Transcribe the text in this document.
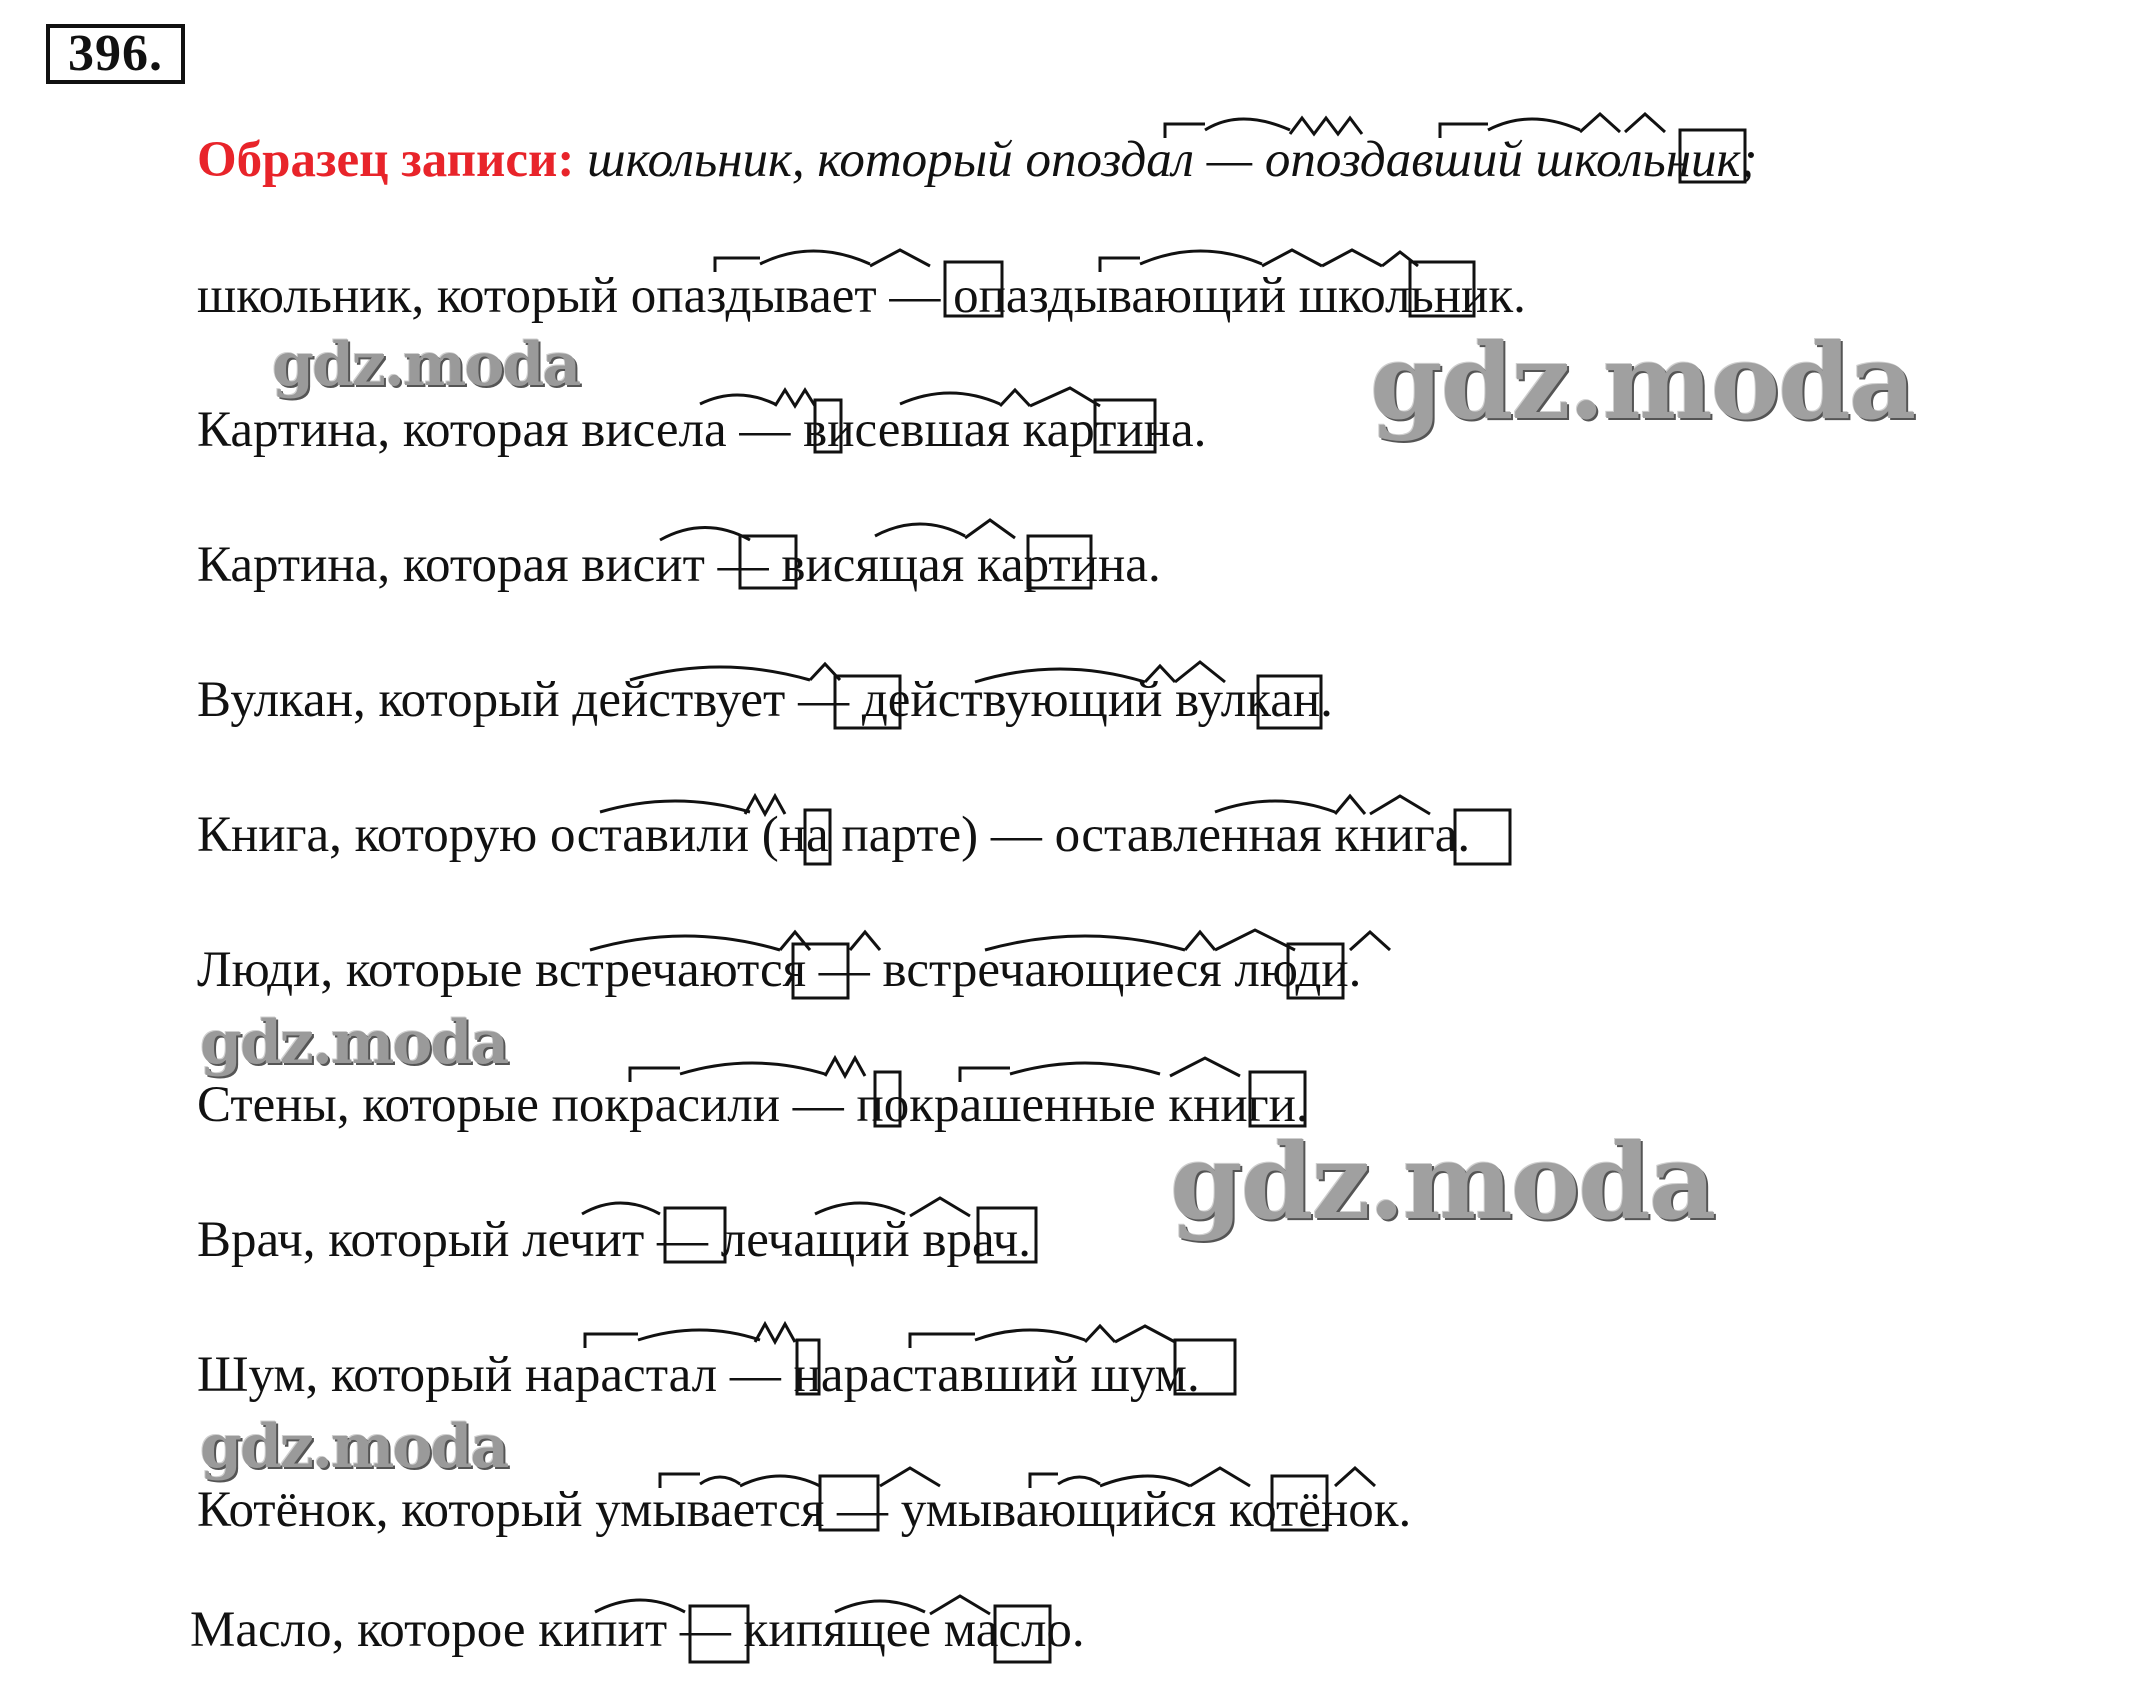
396.
Образец записи: школьник, который опоздал — опоздавший школьник;
школьник, который опаздывает — опаздывающий школьник.
Картина, которая висела — висевшая картина.
Картина, которая висит — висящая картина.
Вулкан, который действует — действующий вулкан.
Книга, которую оставили (на парте) — оставленная книга.
Люди, которые встречаются — встречающиеся люди.
Стены, которые покрасили — покрашенные книги.
Врач, который лечит — лечащий врач.
Шум, который нарастал — нараставший шум.
Котёнок, который умывается — умывающийся котёнок.
Масло, которое кипит — кипящее масло.
gdz.moda	gdz.moda
gdz.moda
gdz.moda
gdz.moda
